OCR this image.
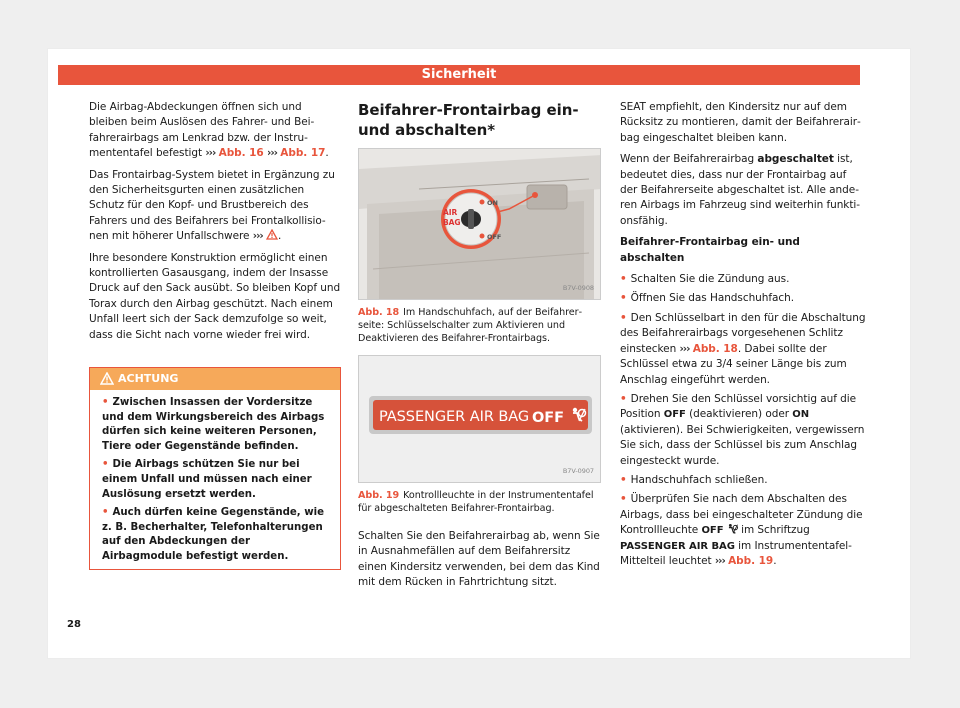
Sicherheit

Die Airbag-Abdeckungen öffnen sich und bleiben beim Auslösen des Fahrer- und Beifahrerairbags am Lenkrad bzw. der Instrumententafel befestigt ››› Abb. 16 ››› Abb. 17.

Das Frontairbag-System bietet in Ergänzung zu den Sicherheitsgurten einen zusätzlichen Schutz für den Kopf- und Brustbereich des Fahrers und des Beifahrers bei Frontalkollisionen mit höherer Unfallschwere ››› .

Ihre besondere Konstruktion ermöglicht einen kontrollierten Gasausgang, indem der Insasse Druck auf den Sack ausübt. So bleiben Kopf und Torax durch den Airbag geschützt. Nach einem Unfall leert sich der Sack demzufolge so weit, dass die Sicht nach vorne wieder frei wird.

ACHTUNG

• Zwischen Insassen der Vordersitze und dem Wirkungsbereich des Airbags dürfen sich keine weiteren Personen, Tiere oder Gegenstände befinden.

• Die Airbags schützen Sie nur bei einem Unfall und müssen nach einer Auslösung ersetzt werden.

• Auch dürfen keine Gegenstände, wie z. B. Becherhalter, Telefonhalterungen auf den Abdeckungen der Airbagmodule befestigt werden.

Beifahrer-Frontairbag ein- und abschalten*
AIR
BAG
ON
OFF
B7V-0908
Abb. 18 Im Handschuhfach, auf der Beifahrerseite: Schlüsselschalter zum Aktivieren und Deaktivieren des Beifahrer-Frontairbags.
PASSENGER AIR BAG OFF
B7V-0907
Abb. 19 Kontrollleuchte in der Instrumententafel für abgeschalteten Beifahrer-Frontairbag.

Schalten Sie den Beifahrerairbag ab, wenn Sie in Ausnahmefällen auf dem Beifahrersitz einen Kindersitz verwenden, bei dem das Kind mit dem Rücken in Fahrtrichtung sitzt.

SEAT empfiehlt, den Kindersitz nur auf dem Rücksitz zu montieren, damit der Beifahrerairbag eingeschaltet bleiben kann.

Wenn der Beifahrerairbag abgeschaltet ist, bedeutet dies, dass nur der Frontairbag auf der Beifahrerseite abgeschaltet ist. Alle anderen Airbags im Fahrzeug sind weiterhin funktionsfähig.

Beifahrer-Frontairbag ein- und abschalten

• Schalten Sie die Zündung aus.
• Öffnen Sie das Handschuhfach.
• Den Schlüsselbart in den für die Abschaltung des Beifahrerairbags vorgesehenen Schlitz einstecken ››› Abb. 18. Dabei sollte der Schlüssel etwa zu 3/4 seiner Länge bis zum Anschlag eingeführt werden.
• Drehen Sie den Schlüssel vorsichtig auf die Position OFF (deaktivieren) oder ON (aktivieren). Bei Schwierigkeiten, vergewissern Sie sich, dass der Schlüssel bis zum Anschlag eingesteckt wurde.
• Handschuhfach schließen.
• Überprüfen Sie nach dem Abschalten des Airbags, dass bei eingeschalteter Zündung die Kontrollleuchte OFF  im Schriftzug PASSENGER AIR BAG im Instrumententafel-Mittelteil leuchtet ››› Abb. 19.
28
